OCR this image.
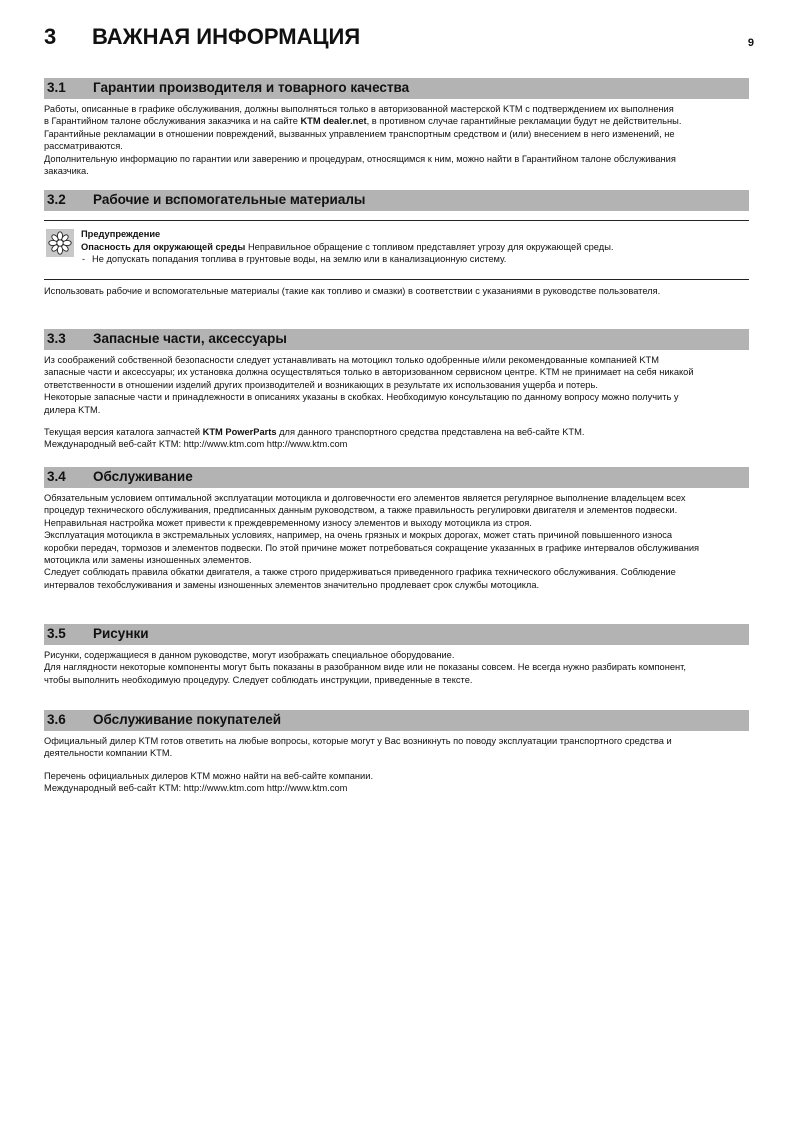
3 ВАЖНАЯ ИНФОРМАЦИЯ	9
3.1 Гарантии производителя и товарного качества

Работы, описанные в графике обслуживания, должны выполняться только в авторизованной мастерской KTM с подтверждением их выполнения

в Гарантийном талоне обслуживания заказчика и на сайте KTM dealer.net, в противном случае гарантийные рекламации будут не действительны.

Гарантийные рекламации в отношении повреждений, вызванных управлением транспортным средством и (или) внесением в него изменений, не

рассматриваются.

Дополнительную информацию по гарантии или заверению и процедурам, относящимся к ним, можно найти в Гарантийном талоне обслуживания

заказчика.

3.2 Рабочие и вспомогательные материалы
Предупреждение
Опасность для окружающей среды Неправильное обращение с топливом представляет угрозу для окружающей среды.
- Не допускать попадания топлива в грунтовые воды, на землю или в канализационную систему.

Использовать рабочие и вспомогательные материалы (такие как топливо и смазки) в соответствии с указаниями в руководстве пользователя.

3.3 Запасные части, аксессуары

Из соображений собственной безопасности следует устанавливать на мотоцикл только одобренные и/или рекомендованные компанией KTM

запасные части и аксессуары; их установка должна осуществляться только в авторизованном сервисном центре. KTM не принимает на себя никакой

ответственности в отношении изделий других производителей и возникающих в результате их использования ущерба и потерь.

Некоторые запасные части и принадлежности в описаниях указаны в скобках. Необходимую консультацию по данному вопросу можно получить у

дилера KTM.

Текущая версия каталога запчастей KTM PowerParts для данного транспортного средства представлена на веб-сайте KTM.

Международный веб-сайт KTM: http://www.ktm.com http://www.ktm.com

3.4 Обслуживание

Обязательным условием оптимальной эксплуатации мотоцикла и долговечности его элементов является регулярное выполнение владельцем всех

процедур технического обслуживания, предписанных данным руководством, а также правильность регулировки двигателя и элементов подвески.

Неправильная настройка может привести к преждевременному износу элементов и выходу мотоцикла из строя.

Эксплуатация мотоцикла в экстремальных условиях, например, на очень грязных и мокрых дорогах, может стать причиной повышенного износа

коробки передач, тормозов и элементов подвески. По этой причине может потребоваться сокращение указанных в графике интервалов обслуживания

мотоцикла или замены изношенных элементов.

Следует соблюдать правила обкатки двигателя, а также строго придерживаться приведенного графика технического обслуживания. Соблюдение

интервалов техобслуживания и замены изношенных элементов значительно продлевает срок службы мотоцикла.

3.5 Рисунки

Рисунки, содержащиеся в данном руководстве, могут изображать специальное оборудование.

Для наглядности некоторые компоненты могут быть показаны в разобранном виде или не показаны совсем. Не всегда нужно разбирать компонент,

чтобы выполнить необходимую процедуру. Следует соблюдать инструкции, приведенные в тексте.

3.6 Обслуживание покупателей

Официальный дилер KTM готов ответить на любые вопросы, которые могут у Вас возникнуть по поводу эксплуатации транспортного средства и

деятельности компании KTM.

Перечень официальных дилеров KTM можно найти на веб-сайте компании.

Международный веб-сайт KTM: http://www.ktm.com http://www.ktm.com
